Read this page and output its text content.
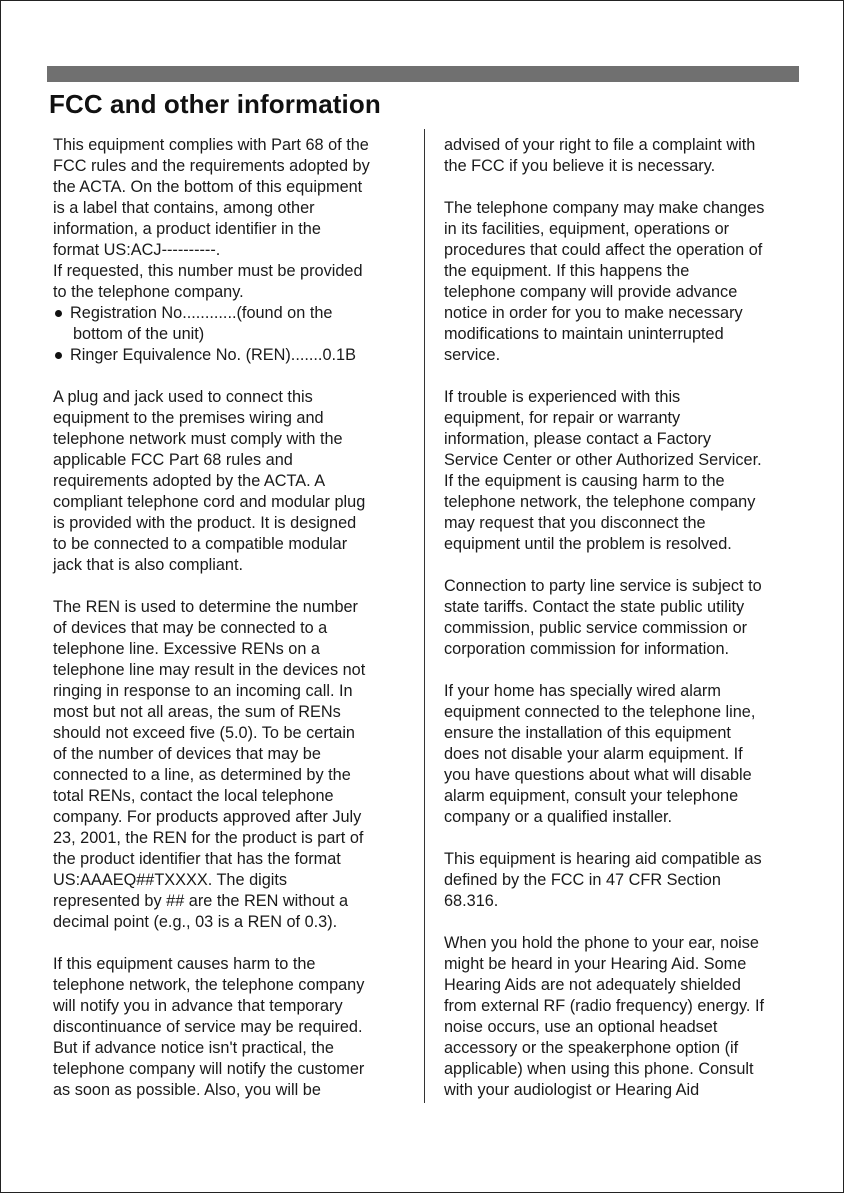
FCC and other information
This equipment complies with Part 68 of the
FCC rules and the requirements adopted by
the ACTA. On the bottom of this equipment
is a label that contains, among other
information, a product identifier in the
format US:ACJ----------.
If requested, this number must be provided
to the telephone company.
Registration No............(found on the
bottom of the unit)
Ringer Equivalence No. (REN).......0.1B
A plug and jack used to connect this
equipment to the premises wiring and
telephone network must comply with the
applicable FCC Part 68 rules and
requirements adopted by the ACTA. A
compliant telephone cord and modular plug
is provided with the product. It is designed
to be connected to a compatible modular
jack that is also compliant.
The REN is used to determine the number
of devices that may be connected to a
telephone line. Excessive RENs on a
telephone line may result in the devices not
ringing in response to an incoming call. In
most but not all areas, the sum of RENs
should not exceed five (5.0). To be certain
of the number of devices that may be
connected to a line, as determined by the
total RENs, contact the local telephone
company. For products approved after July
23, 2001, the REN for the product is part of
the product identifier that has the format
US:AAAEQ##TXXXX. The digits
represented by ## are the REN without a
decimal point (e.g., 03 is a REN of 0.3).
If this equipment causes harm to the
telephone network, the telephone company
will notify you in advance that temporary
discontinuance of service may be required.
But if advance notice isn't practical, the
telephone company will notify the customer
as soon as possible. Also, you will be
advised of your right to file a complaint with
the FCC if you believe it is necessary.
The telephone company may make changes
in its facilities, equipment, operations or
procedures that could affect the operation of
the equipment. If this happens the
telephone company will provide advance
notice in order for you to make necessary
modifications to maintain uninterrupted
service.
If trouble is experienced with this
equipment, for repair or warranty
information, please contact a Factory
Service Center or other Authorized Servicer.
If the equipment is causing harm to the
telephone network, the telephone company
may request that you disconnect the
equipment until the problem is resolved.
Connection to party line service is subject to
state tariffs. Contact the state public utility
commission, public service commission or
corporation commission for information.
If your home has specially wired alarm
equipment connected to the telephone line,
ensure the installation of this equipment
does not disable your alarm equipment. If
you have questions about what will disable
alarm equipment, consult your telephone
company or a qualified installer.
This equipment is hearing aid compatible as
defined by the FCC in 47 CFR Section
68.316.
When you hold the phone to your ear, noise
might be heard in your Hearing Aid. Some
Hearing Aids are not adequately shielded
from external RF (radio frequency) energy. If
noise occurs, use an optional headset
accessory or the speakerphone option (if
applicable) when using this phone. Consult
with your audiologist or Hearing Aid
